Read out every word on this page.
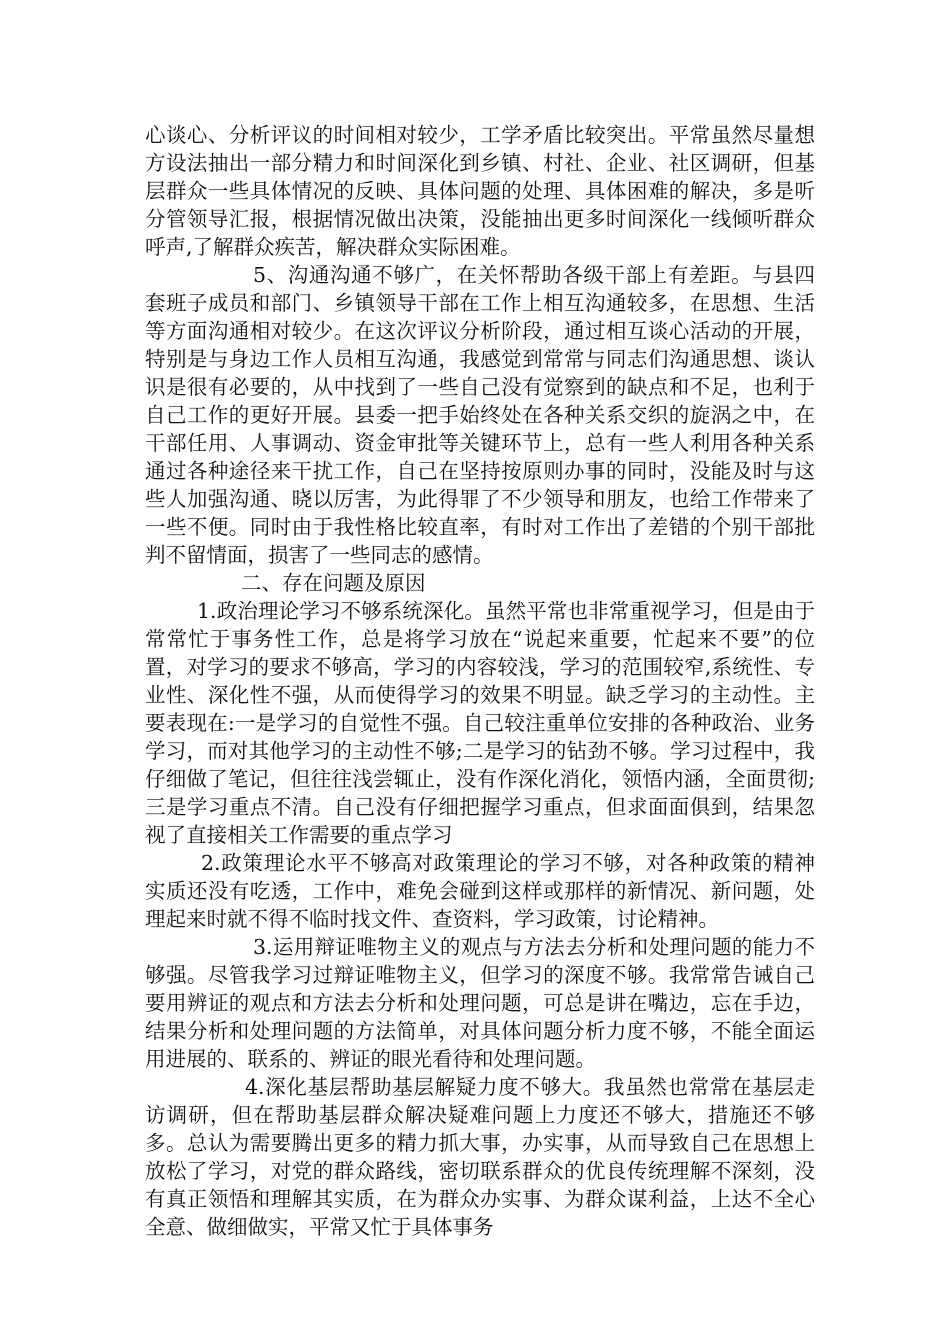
心谈心、分析评议的时间相对较少，工学矛盾比较突出。平常虽然尽量想方设法抽出一部分精力和时间深化到乡镇、村社、企业、社区调研，但基层群众一些具体情况的反映、具体问题的处理、具体困难的解决，多是听分管领导汇报，根据情况做出决策，没能抽出更多时间深化一线倾听群众呼声,了解群众疾苦，解决群众实际困难。

5、沟通沟通不够广，在关怀帮助各级干部上有差距。与县四套班子成员和部门、乡镇领导干部在工作上相互沟通较多，在思想、生活等方面沟通相对较少。在这次评议分析阶段，通过相互谈心活动的开展，特别是与身边工作人员相互沟通，我感觉到常常与同志们沟通思想、谈认识是很有必要的，从中找到了一些自己没有觉察到的缺点和不足，也利于自己工作的更好开展。县委一把手始终处在各种关系交织的旋涡之中，在干部任用、人事调动、资金审批等关键环节上，总有一些人利用各种关系通过各种途径来干扰工作，自己在坚持按原则办事的同时，没能及时与这些人加强沟通、晓以厉害，为此得罪了不少领导和朋友，也给工作带来了一些不便。同时由于我性格比较直率，有时对工作出了差错的个别干部批判不留情面，损害了一些同志的感情。

二、存在问题及原因

1.政治理论学习不够系统深化。虽然平常也非常重视学习，但是由于常常忙于事务性工作，总是将学习放在“说起来重要，忙起来不要”的位置，对学习的要求不够高，学习的内容较浅，学习的范围较窄,系统性、专业性、深化性不强，从而使得学习的效果不明显。缺乏学习的主动性。主要表现在:一是学习的自觉性不强。自己较注重单位安排的各种政治、业务学习，而对其他学习的主动性不够;二是学习的钻劲不够。学习过程中，我仔细做了笔记，但往往浅尝辄止，没有作深化消化，领悟内涵，全面贯彻;三是学习重点不清。自己没有仔细把握学习重点，但求面面俱到，结果忽视了直接相关工作需要的重点学习

2.政策理论水平不够高对政策理论的学习不够，对各种政策的精神实质还没有吃透，工作中，难免会碰到这样或那样的新情况、新问题，处理起来时就不得不临时找文件、查资料，学习政策，讨论精神。

3.运用辩证唯物主义的观点与方法去分析和处理问题的能力不够强。尽管我学习过辩证唯物主义，但学习的深度不够。我常常告诫自己要用辨证的观点和方法去分析和处理问题，可总是讲在嘴边，忘在手边，结果分析和处理问题的方法简单，对具体问题分析力度不够，不能全面运用进展的、联系的、辨证的眼光看待和处理问题。

4.深化基层帮助基层解疑力度不够大。我虽然也常常在基层走访调研，但在帮助基层群众解决疑难问题上力度还不够大，措施还不够多。总认为需要腾出更多的精力抓大事，办实事，从而导致自己在思想上放松了学习，对党的群众路线，密切联系群众的优良传统理解不深刻，没有真正领悟和理解其实质，在为群众办实事、为群众谋利益，上达不全心全意、做细做实，平常又忙于具体事务
